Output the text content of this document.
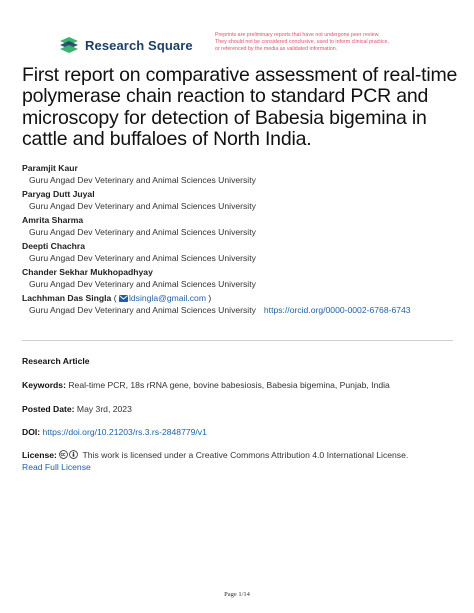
Research Square
Preprints are preliminary reports that have not undergone peer review.
They should not be considered conclusive, used to inform clinical practice,
or referenced by the media as validated information.
First report on comparative assessment of real-time polymerase chain reaction to standard PCR and microscopy for detection of Babesia bigemina in cattle and buffaloes of North India.
Paramjit Kaur
Guru Angad Dev Veterinary and Animal Sciences University
Paryag Dutt Juyal
Guru Angad Dev Veterinary and Animal Sciences University
Amrita Sharma
Guru Angad Dev Veterinary and Animal Sciences University
Deepti Chachra
Guru Angad Dev Veterinary and Animal Sciences University
Chander Sekhar Mukhopadhyay
Guru Angad Dev Veterinary and Animal Sciences University
Lachhman Das Singla ( ldsingla@gmail.com )
Guru Angad Dev Veterinary and Animal Sciences University https://orcid.org/0000-0002-6768-6743
Research Article
Keywords: Real-time PCR, 18s rRNA gene, bovine babesiosis, Babesia bigemina, Punjab, India
Posted Date: May 3rd, 2023
DOI: https://doi.org/10.21203/rs.3.rs-2848779/v1
License:	This work is licensed under a Creative Commons Attribution 4.0 International License.
Read Full License
Page 1/14
